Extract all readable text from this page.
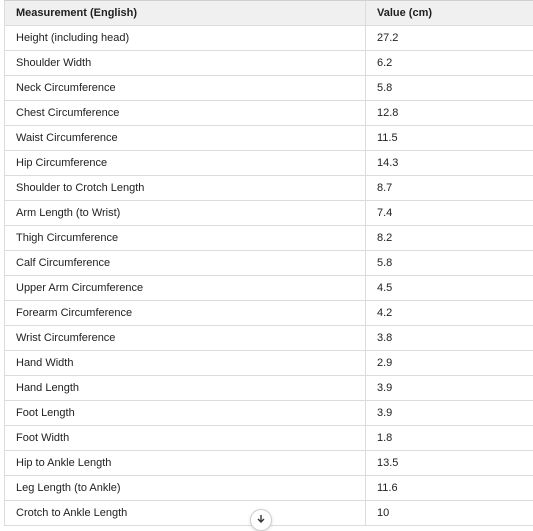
Measurement (English)	Value (cm)
Height (including head)	27.2
Shoulder Width	6.2
Neck Circumference	5.8
Chest Circumference	12.8
Waist Circumference	11.5
Hip Circumference	14.3
Shoulder to Crotch Length	8.7
Arm Length (to Wrist)	7.4
Thigh Circumference	8.2
Calf Circumference	5.8
Upper Arm Circumference	4.5
Forearm Circumference	4.2
Wrist Circumference	3.8
Hand Width	2.9
Hand Length	3.9
Foot Length	3.9
Foot Width	1.8
Hip to Ankle Length	13.5
Leg Length (to Ankle)	11.6
Crotch to Ankle Length	10
